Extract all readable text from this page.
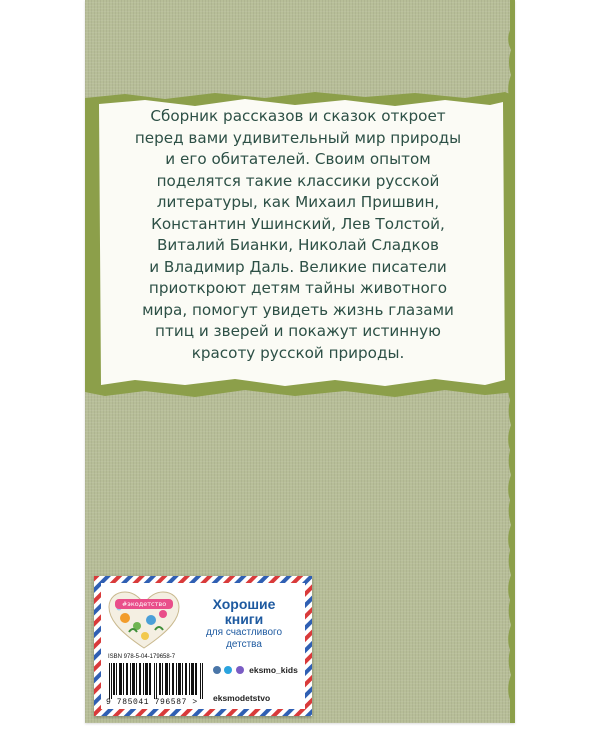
Сборник рассказов и сказок откроет
перед вами удивительный мир природы
и его обитателей. Своим опытом
поделятся такие классики русской
литературы, как Михаил Пришвин,
Константин Ушинский, Лев Толстой,
Виталий Бианки, Николай Сладков
и Владимир Даль. Великие писатели
приоткроют детям тайны животного
мира, помогут увидеть жизнь глазами
птиц и зверей и покажут истинную
красоту русской природы.

#экодетство	Хорошие
книги
для счастливого
детства
ISBN 978-5-04-179658-7
9 785041 796587 >
eksmo_kids
eksmodetstvo
